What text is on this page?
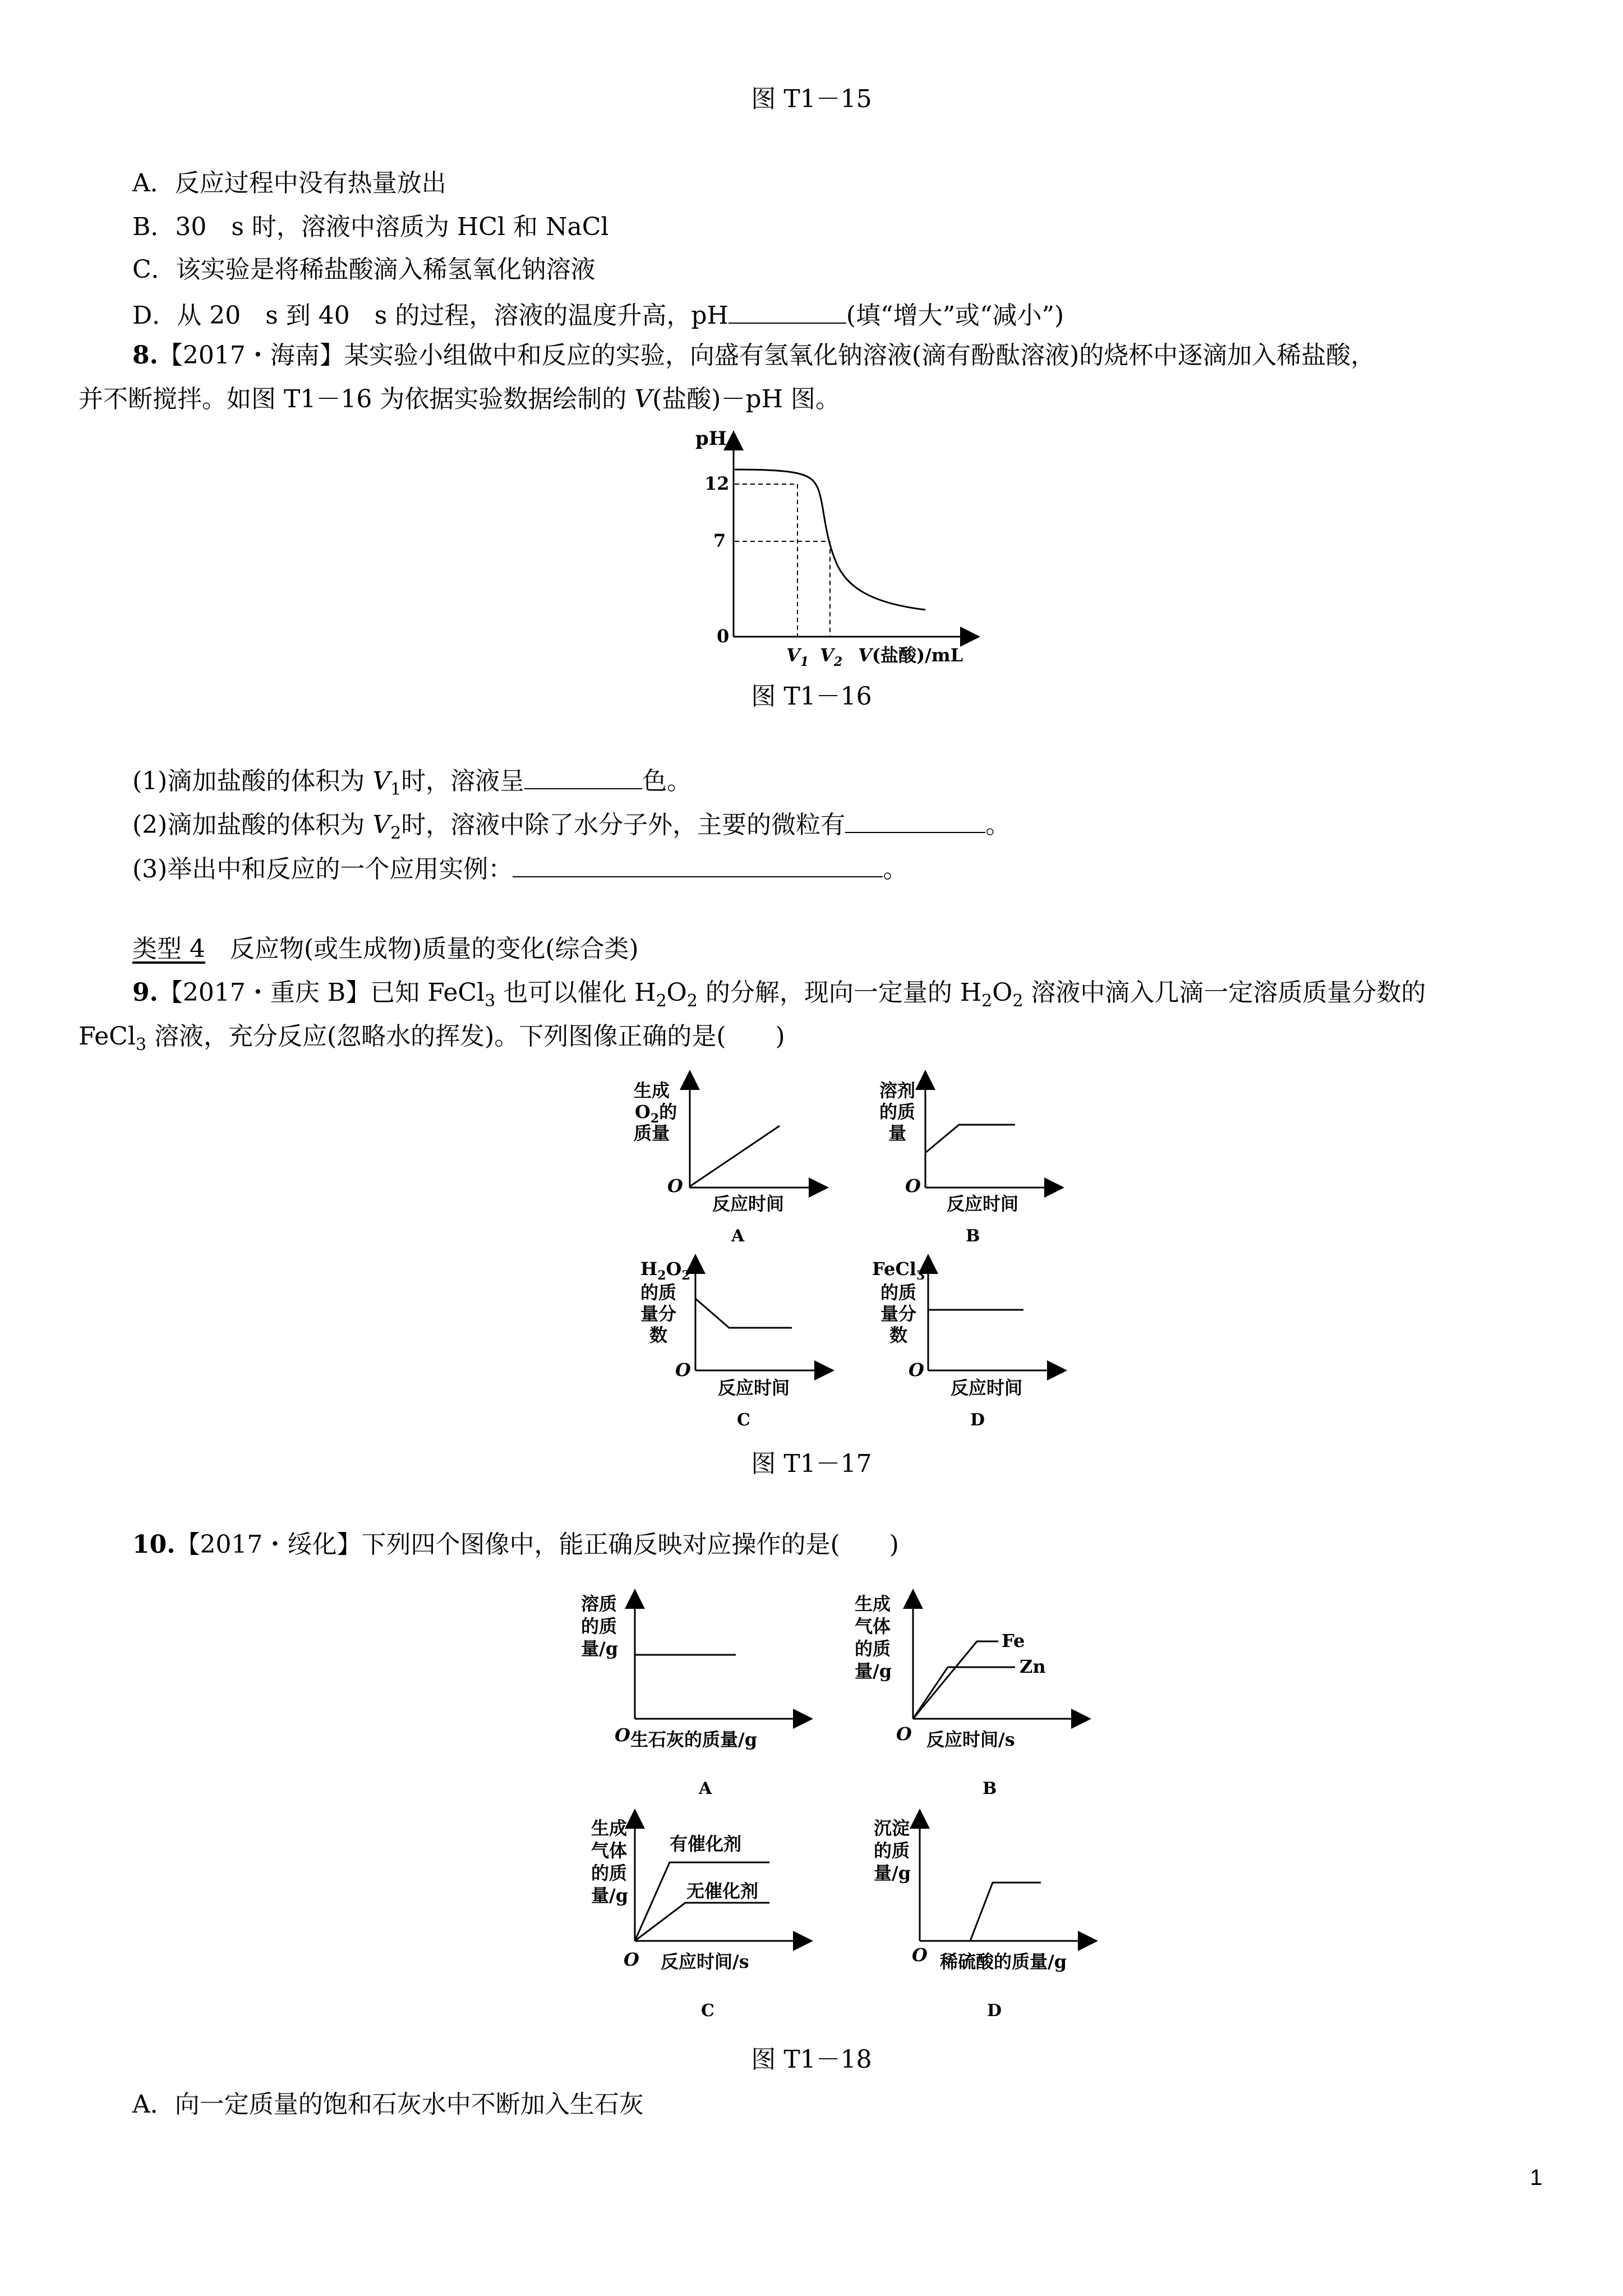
图 T1－15
A．反应过程中没有热量放出
B．30　s 时，溶液中溶质为 HCl 和 NaCl
C．该实验是将稀盐酸滴入稀氢氧化钠溶液
D．从 20　s 到 40　s 的过程，溶液的温度升高，pH	(填“增大”或“减小”)
8.【2017・海南】某实验小组做中和反应的实验，向盛有氢氧化钠溶液(滴有酚酞溶液)的烧杯中逐滴加入稀盐酸，
并不断搅拌。如图 T1－16 为依据实验数据绘制的 V(盐酸)－pH 图。
pH
12
7
0
$V_1$ $V_2$ V(盐酸)/mL
图 T1－16
(1)滴加盐酸的体积为 $V_1$时，溶液呈	色。
(2)滴加盐酸的体积为 $V_2$时，溶液中除了水分子外，主要的微粒有	。
(3)举出中和反应的一个应用实例：	。
类型 4　 反应物(或生成物)质量的变化(综合类)
9.【2017・重庆 B】已知 FeCl$_3$ 也可以催化 $H_2O_2$ 的分解，现向一定量的 $H_2O_2$ 溶液中滴入几滴一定溶质质量分数的
FeCl$_3$ 溶液，充分反应(忽略水的挥发)。下列图像正确的是(　　)
生成
$O_2$的
质量
O
反应时间
A
溶剂
的质
量
O
反应时间
B
$H_2O_2$
的质
量分
数
O
反应时间
C
FeCl$_3$
的质
量分
数
O
反应时间
D
图 T1－17
10.【2017・绥化】下列四个图像中，能正确反映对应操作的是(　　)
溶质
的质
量/g
O 生石灰的质量/g
A
生成
气体
的质
量/g
O 反应时间/s
B
Fe
Zn
生成
气体
的质
量/g
O 反应时间/s
C
有催化剂
无催化剂
沉淀
的质
量/g
O 稀硫酸的质量/g
D
图 T1－18
A．向一定质量的饱和石灰水中不断加入生石灰
1
